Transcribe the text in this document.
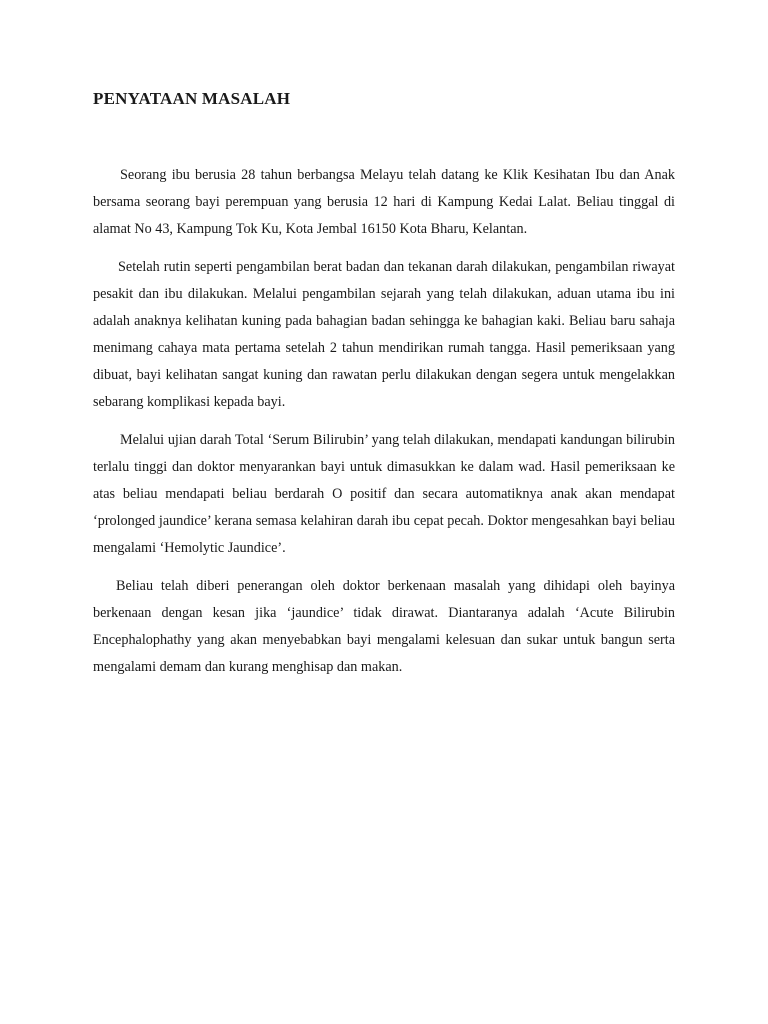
PENYATAAN MASALAH

Seorang ibu berusia 28 tahun berbangsa Melayu telah datang ke Klik Kesihatan Ibu dan Anak bersama seorang bayi perempuan yang berusia 12 hari di Kampung Kedai Lalat. Beliau tinggal di alamat No 43, Kampung Tok Ku, Kota Jembal 16150 Kota Bharu, Kelantan.

Setelah rutin seperti pengambilan berat badan dan tekanan darah dilakukan, pengambilan riwayat pesakit dan ibu dilakukan. Melalui pengambilan sejarah yang telah dilakukan, aduan utama ibu ini adalah anaknya kelihatan kuning pada bahagian badan sehingga ke bahagian kaki. Beliau baru sahaja menimang cahaya mata pertama setelah 2 tahun mendirikan rumah tangga. Hasil pemeriksaan yang dibuat, bayi kelihatan sangat kuning dan rawatan perlu dilakukan dengan segera untuk mengelakkan sebarang komplikasi kepada bayi.

Melalui ujian darah Total ‘Serum Bilirubin’ yang telah dilakukan, mendapati kandungan bilirubin terlalu tinggi dan doktor menyarankan bayi untuk dimasukkan ke dalam wad. Hasil pemeriksaan ke atas beliau mendapati beliau berdarah O positif dan secara automatiknya anak akan mendapat ‘prolonged jaundice’ kerana semasa kelahiran darah ibu cepat pecah. Doktor mengesahkan bayi beliau mengalami ‘Hemolytic Jaundice’.

Beliau telah diberi penerangan oleh doktor berkenaan masalah yang dihidapi oleh bayinya berkenaan dengan kesan jika ‘jaundice’ tidak dirawat. Diantaranya adalah ‘Acute Bilirubin Encephalophathy yang akan menyebabkan bayi mengalami kelesuan dan sukar untuk bangun serta mengalami demam dan kurang menghisap dan makan.
